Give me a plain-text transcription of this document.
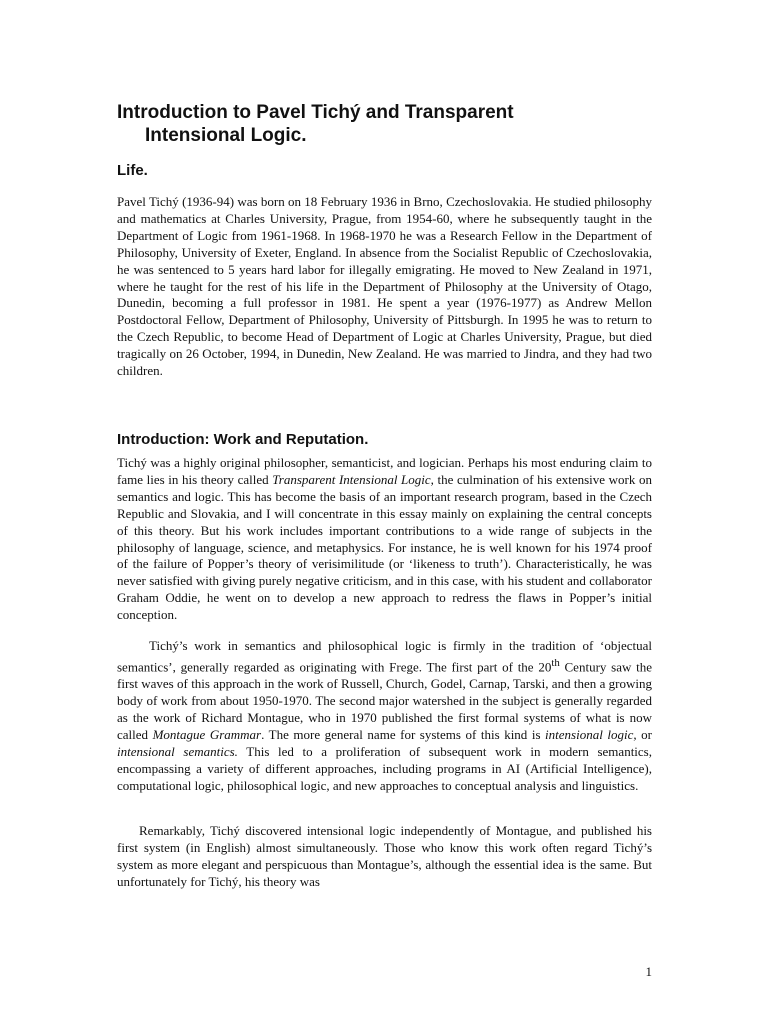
Introduction to Pavel Tichý and Transparent
Intensional Logic.
Life.

Pavel Tichý (1936-94) was born on 18 February 1936 in Brno, Czechoslovakia. He studied philosophy and mathematics at Charles University, Prague, from 1954-60, where he subsequently taught in the Department of Logic from 1961-1968. In 1968-1970 he was a Research Fellow in the Department of Philosophy, University of Exeter, England. In absence from the Socialist Republic of Czechoslovakia, he was sentenced to 5 years hard labor for illegally emigrating. He moved to New Zealand in 1971, where he taught for the rest of his life in the Department of Philosophy at the University of Otago, Dunedin, becoming a full professor in 1981. He spent a year (1976-1977) as Andrew Mellon Postdoctoral Fellow, Department of Philosophy, University of Pittsburgh. In 1995 he was to return to the Czech Republic, to become Head of Department of Logic at Charles University, Prague, but died tragically on 26 October, 1994, in Dunedin, New Zealand. He was married to Jindra, and they had two children.

Introduction: Work and Reputation.

Tichý was a highly original philosopher, semanticist, and logician. Perhaps his most enduring claim to fame lies in his theory called Transparent Intensional Logic, the culmination of his extensive work on semantics and logic. This has become the basis of an important research program, based in the Czech Republic and Slovakia, and I will concentrate in this essay mainly on explaining the central concepts of this theory. But his work includes important contributions to a wide range of subjects in the philosophy of language, science, and metaphysics. For instance, he is well known for his 1974 proof of the failure of Popper’s theory of verisimilitude (or ‘likeness to truth’). Characteristically, he was never satisfied with giving purely negative criticism, and in this case, with his student and collaborator Graham Oddie, he went on to develop a new approach to redress the flaws in Popper’s initial conception.

Tichý’s work in semantics and philosophical logic is firmly in the tradition of ‘objectual semantics’, generally regarded as originating with Frege. The first part of the 20th Century saw the first waves of this approach in the work of Russell, Church, Godel, Carnap, Tarski, and then a growing body of work from about 1950-1970. The second major watershed in the subject is generally regarded as the work of Richard Montague, who in 1970 published the first formal systems of what is now called Montague Grammar. The more general name for systems of this kind is intensional logic, or intensional semantics. This led to a proliferation of subsequent work in modern semantics, encompassing a variety of different approaches, including programs in AI (Artificial Intelligence), computational logic, philosophical logic, and new approaches to conceptual analysis and linguistics.

Remarkably, Tichý discovered intensional logic independently of Montague, and published his first system (in English) almost simultaneously. Those who know this work often regard Tichý’s system as more elegant and perspicuous than Montague’s, although the essential idea is the same. But unfortunately for Tichý, his theory was

1
